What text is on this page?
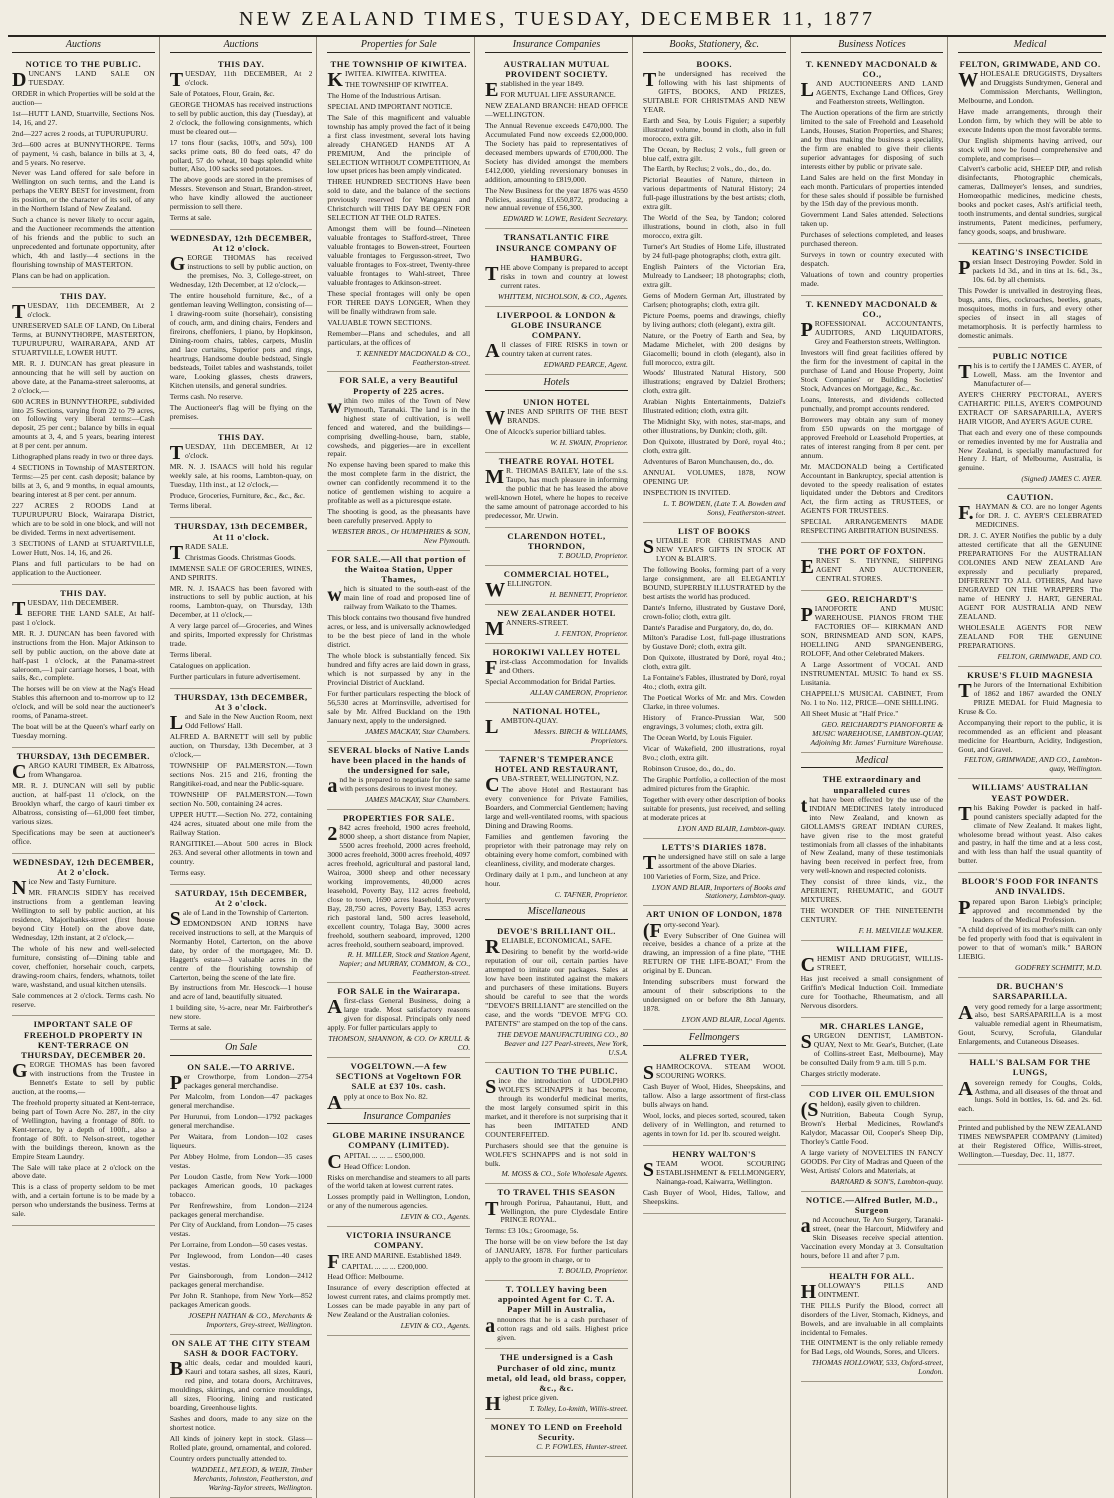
NEW ZEALAND TIMES, TUESDAY, DECEMBER 11, 1877
Auctions
NOTICE TO THE PUBLIC.

DUNCAN'S LAND SALE ON TUESDAY.

ORDER in which Properties will be sold at the auction—

1st—HUTT LAND, Stuartville, Sections Nos. 14, 16, and 27.

2nd—227 acres 2 roods, at TUPURUPURU.

3rd—600 acres at BUNNYTHORPE. Terms of payment, ¼ cash, balance in bills at 3, 4, and 5 years. No reserve.

Never was Land offered for sale before in Wellington on such terms, and the Land is perhaps the VERY BEST for investment, from its position, or the character of its soil, of any in the Northern Island of New Zealand.

Such a chance is never likely to occur again, and the Auctioneer recommends the attention of his friends and the public to such an unprecedented and fortunate opportunity, after which, 4th and lastly—4 sections in the flourishing township of MASTERTON.

Plans can be had on application.

THIS DAY.

TUESDAY, 11th DECEMBER, At 2 o'clock.

UNRESERVED SALE OF LAND, On Liberal Terms, at BUNNYTHORPE, MASTERTON, TUPURUPURU, WAIRARAPA, AND AT STUARTVILLE, LOWER HUTT.

MR. R. J. DUNCAN has great pleasure in announcing that he will sell by auction on above date, at the Panama-street salerooms, at 2 o'clock,—

600 ACRES in BUNNYTHORPE, subdivided into 25 Sections, varying from 22 to 79 acres, on following very liberal terms:—Cash deposit, 25 per cent.; balance by bills in equal amounts at 3, 4, and 5 years, bearing interest at 8 per cent. per annum.

Lithographed plans ready in two or three days.

4 SECTIONS in Township of MASTERTON. Terms:—25 per cent. cash deposit; balance by bills at 3, 6, and 9 months, in equal amounts, bearing interest at 8 per cent. per annum.

227 ACRES 2 ROODS Land at TUPURUPURU Block, Wairarapa District, which are to be sold in one block, and will not be divided. Terms in next advertisement.

3 SECTIONS of LAND at STUARTVILLE, Lower Hutt, Nos. 14, 16, and 26.

Plans and full particulars to be had on application to the Auctioneer.

THIS DAY.

TUESDAY, 11th DECEMBER.

BEFORE THE LAND SALE, At half-past 1 o'clock.

MR. R. J. DUNCAN has been favored with instructions from the Hon. Major Atkinson to sell by public auction, on the above date at half-past 1 o'clock, at the Panama-street saleroom,—1 pair carriage horses, 1 boat, with sails, &c., complete.

The horses will be on view at the Nag's Head Stables this afternoon and to-morrow up to 12 o'clock, and will be sold near the auctioneer's rooms, of Panama-street.

The boat will be at the Queen's wharf early on Tuesday morning.

THURSDAY, 13th DECEMBER.

CARGO KAURI TIMBER, Ex Albatross, from Whangaroa.

MR. R. J. DUNCAN will sell by public auction, at half-past 11 o'clock, on the Brooklyn wharf, the cargo of kauri timber ex Albatross, consisting of—61,000 feet timber, various sizes.

Specifications may be seen at auctioneer's office.

WEDNESDAY, 12th DECEMBER, At 2 o'clock.

Nice New and Tasty Furniture.

MR. FRANCIS SIDEY has received instructions from a gentleman leaving Wellington to sell by public auction, at his residence, Majoribanks-street (first house beyond City Hotel) on the above date, Wednesday, 12th instant, at 2 o'clock,—

The whole of his new and well-selected furniture, consisting of—Dining table and cover, cheffonier, horsehair couch, carpets, drawing-room chairs, fenders, whatnots, toilet ware, washstand, and usual kitchen utensils.

Sale commences at 2 o'clock. Terms cash. No reserve.

IMPORTANT SALE OF FREEHOLD PROPERTY IN KENT-TERRACE ON THURSDAY, DECEMBER 20.

GEORGE THOMAS has been favored with instructions from the Trustee in Bennett's Estate to sell by public auction, at the rooms,—

The freehold property situated at Kent-terrace, being part of Town Acre No. 287, in the city of Wellington, having a frontage of 80ft. to Kent-terrace, by a depth of 100ft., also a frontage of 80ft. to Nelson-street, together with the buildings thereon, known as the Empire Steam Laundry.

The Sale will take place at 2 o'clock on the above date.

This is a class of property seldom to be met with, and a certain fortune is to be made by a person who understands the business. Terms at sale.

Auctions
THIS DAY.

TUESDAY, 11th DECEMBER, At 2 o'clock.

Sale of Potatoes, Flour, Grain, &c.

GEORGE THOMAS has received instructions to sell by public auction, this day (Tuesday), at 2 o'clock, the following consignments, which must be cleared out—

17 tons flour (sacks, 100's, and 50's), 100 sacks prime oats, 80 do feed oats, 47 do pollard, 57 do wheat, 10 bags splendid white butter, Also, 100 sacks seed potatoes.

The above goods are stored in the premises of Messrs. Stevenson and Stuart, Brandon-street, who have kindly allowed the auctioneer permission to sell there.

Terms at sale.

WEDNESDAY, 12th DECEMBER, At 12 o'clock.

GEORGE THOMAS has received instructions to sell by public auction, on the premises, No. 3, College-street, on Wednesday, 12th December, at 12 o'clock,—

The entire household furniture, &c., of a gentleman leaving Wellington, consisting of—1 drawing-room suite (horsehair), consisting of couch, arm, and dining chairs, Fenders and fireirons, cheffoniers, 1 piano, by Hopkinson, Dining-room chairs, tables, carpets, Muslin and lace curtains, Superior pots and rings, heartrugs, Handsome double bedstead, Single bedsteads, Toilet tables and washstands, toilet ware, Looking glasses, chests drawers, Kitchen utensils, and general sundries.

Terms cash. No reserve.

The Auctioneer's flag will be flying on the premises.

THIS DAY.

TUESDAY, 11th DECEMBER, At 12 o'clock.

MR. N. J. ISAACS will hold his regular weekly sale, at his rooms, Lambton-quay, on Tuesday, 11th inst., at 12 o'clock,—

Produce, Groceries, Furniture, &c., &c., &c.

Terms liberal.

THURSDAY, 13th DECEMBER, At 11 o'clock.

TRADE SALE.

Christmas Goods. Christmas Goods.

IMMENSE SALE OF GROCERIES, WINES, AND SPIRITS.

MR. N. J. ISAACS has been favored with instructions to sell by public auction, at his rooms, Lambton-quay, on Thursday, 13th December, at 11 o'clock,—

A very large parcel of—Groceries, and Wines and spirits, Imported expressly for Christmas trade.

Terms liberal.

Catalogues on application.

Further particulars in future advertisement.

THURSDAY, 13th DECEMBER, At 3 o'clock.

Land Sale in the New Auction Room, next Odd Fellows' Hall.

ALFRED A. BARNETT will sell by public auction, on Thursday, 13th December, at 3 o'clock,—

TOWNSHIP OF PALMERSTON.—Town sections Nos. 215 and 216, fronting the Rangitikei-road, and near the Public-square.

TOWNSHIP OF PALMERSTON.—Town section No. 500, containing 24 acres.

UPPER HUTT.—Section No. 272, containing 424 acres, situated about one mile from the Railway Station.

RANGITIKEI.—About 500 acres in Block 263. And several other allotments in town and country.

Terms easy.

SATURDAY, 15th DECEMBER, At 2 o'clock.

Sale of Land in the Township of Carterton.

EDMONDSON AND IORNS have received instructions to sell, at the Marquis of Normanby Hotel, Carterton, on the above date, by order of the mortgagee, Mr. D. Haggett's estate—3 valuable acres in the centre of the flourishing township of Carterton, being the scene of the late fire.

By instructions from Mr. Hescock—1 house and acre of land, beautifully situated.

1 building site, ½-acre, near Mr. Fairbrother's new store.

Terms at sale.

On Sale
ON SALE.—TO ARRIVE.

Per Crowthorpe, from London—2754 packages general merchandise.

Per Malcolm, from London—47 packages general merchandise.

Per Hurunui, from London—1792 packages general merchandise.

Per Waitara, from London—102 cases liqueurs.

Per Abbey Holme, from London—35 cases vestas.

Per Loudon Castle, from New York—1000 packages American goods, 10 packages tobacco.

Per Renfrewshire, from London—2124 packages general merchandise.

Per City of Auckland, from London—75 cases vestas.

Per Lorraine, from London—50 cases vestas.

Per Inglewood, from London—40 cases vestas.

Per Gainsborough, from London—2412 packages general merchandise.

Per John R. Stanhope, from New York—852 packages American goods.

JOSEPH NATHAN & CO., Merchants & Importers, Grey-street, Wellington.
ON SALE AT THE CITY STEAM SASH & DOOR FACTORY.

Baltic deals, cedar and moulded kauri, Kauri and totara sashes, all sizes, Kauri, red pine, and totara doors, Architraves, mouldings, skirtings, and cornice mouldings, all sizes, Flooring, lining and rusticated boarding, Greenhouse lights.

Sashes and doors, made to any size on the shortest notice.

All kinds of joinery kept in stock. Glass—Rolled plate, ground, ornamental, and colored.

Country orders punctually attended to.

WADDELL, M'LEOD, & WEIR, Timber Merchants, Johnston, Featherston, and Waring-Taylor streets, Wellington.
Properties for Sale
THE TOWNSHIP OF KIWITEA.

KIWITEA. KIWITEA. KIWITEA.

THE TOWNSHIP OF KIWITEA.

The Home of the Industrious Artisan.

SPECIAL AND IMPORTANT NOTICE.

The Sale of this magnificent and valuable township has amply proved the fact of it being a first class investment, several lots having already CHANGED HANDS AT A PREMIUM, And the principle of SELECTION WITHOUT COMPETITION, At low upset prices has been amply vindicated.

THREE HUNDRED SECTIONS Have been sold to date, and the balance of the sections previously reserved for Wanganui and Christchurch will THIS DAY BE OPEN FOR SELECTION AT THE OLD RATES.

Amongst them will be found—Nineteen valuable frontages to Stafford-street, Three valuable frontages to Bowen-street, Fourteen valuable frontages to Fergusson-street, Two valuable frontages to Fox-street, Twenty-three valuable frontages to Wahl-street, Three valuable frontages to Atkinson-street.

These special frontages will only be open FOR THREE DAYS LONGER, When they will be finally withdrawn from sale.

VALUABLE TOWN SECTIONS.

Remember—Plans and schedules, and all particulars, at the offices of

T. KENNEDY MACDONALD & CO., Featherston-street.
FOR SALE, a very Beautiful Property of 225 acres.

within two miles of the Town of New Plymouth, Taranaki. The land is in the highest state of cultivation, is well fenced and watered, and the buildings—comprising dwelling-house, barn, stable, cowsheds, and piggeries—are in excellent repair.

No expense having been spared to make this the most complete farm in the district, the owner can confidently recommend it to the notice of gentlemen wishing to acquire a profitable as well as a picturesque estate.

The shooting is good, as the pheasants have been carefully preserved. Apply to

WEBSTER BROS., Or HUMPHRIES & SON, New Plymouth.
FOR SALE.—All that portion of the Waitoa Station, Upper Thames,

which is situated to the south-east of the main line of road and proposed line of railway from Waikato to the Thames.

This block contains two thousand five hundred acres, or less, and is universally acknowledged to be the best piece of land in the whole district.

The whole block is substantially fenced. Six hundred and fifty acres are laid down in grass, which is not surpassed by any in the Provincial District of Auckland.

For further particulars respecting the block of 56,530 acres at Morrinsville, advertised for sale by Mr. Alfred Buckland on the 19th January next, apply to the undersigned.

JAMES MACKAY, Star Chambers.
SEVERAL blocks of Native Lands have been placed in the hands of the undersigned for sale,

and he is prepared to negotiate for the same with persons desirous to invest money.

JAMES MACKAY, Star Chambers.
PROPERTIES FOR SALE.

2842 acres freehold, 1900 acres freehold, 8000 sheep, a short distance from Napier, 5500 acres freehold, 2000 acres freehold, 3000 acres freehold, 3000 acres freehold, 4097 acres freehold, agricultural and pastoral land, Wairoa, 3000 sheep and other necessary working improvements, 40,000 acres leasehold, Poverty Bay, 112 acres freehold, close to town, 1690 acres leasehold, Poverty Bay, 28,750 acres, Poverty Bay, 1353 acres rich pastoral land, 500 acres leasehold, excellent country, Tolaga Bay, 3000 acres freehold, southern seaboard, improved, 1200 acres freehold, southern seaboard, improved.

R. H. MILLER, Stock and Station Agent, Napier; and MURRAY, COMMON, & CO., Featherston-street.
FOR SALE in the Wairarapa.

Afirst-class General Business, doing a large trade. Most satisfactory reasons given for disposal. Principals only need apply. For fuller particulars apply to

THOMSON, SHANNON, & CO. Or KRULL & CO.
VOGELTOWN.—A few SECTIONS at Vogeltown FOR SALE at £37 10s. cash.

Apply at once to Box No. 82.

Insurance Companies
GLOBE MARINE INSURANCE COMPANY (LIMITED).

CAPITAL ... ... ... £500,000.

Head Office: London.

Risks on merchandise and steamers to all parts of the world taken at lowest current rates.

Losses promptly paid in Wellington, London, or any of the numerous agencies.

LEVIN & CO., Agents.
VICTORIA INSURANCE COMPANY.

FIRE AND MARINE. Established 1849.

CAPITAL ... ... ... £200,000.

Head Office: Melbourne.

Insurance of every description effected at lowest current rates, and claims promptly met. Losses can be made payable in any part of New Zealand or the Australian colonies.

LEVIN & CO., Agents.
Insurance Companies
AUSTRALIAN MUTUAL PROVIDENT SOCIETY.

Established in the year 1849.

FOR MUTUAL LIFE ASSURANCE.

NEW ZEALAND BRANCH: HEAD OFFICE—WELLINGTON.

The Annual Revenue exceeds £470,000. The Accumulated Fund now exceeds £2,000,000. The Society has paid to representatives of deceased members upwards of £700,000. The Society has divided amongst the members £412,000, yielding reversionary bonuses in addition, amounting to £819,000.

The New Business for the year 1876 was 4550 Policies, assuring £1,650,872, producing a new annual revenue of £56,300.

EDWARD W. LOWE, Resident Secretary.
TRANSATLANTIC FIRE INSURANCE COMPANY OF HAMBURG.

THE above Company is prepared to accept risks in town and country at lowest current rates.

WHITTEM, NICHOLSON, & CO., Agents.
LIVERPOOL & LONDON & GLOBE INSURANCE COMPANY.

All classes of FIRE RISKS in town or country taken at current rates.

EDWARD PEARCE, Agent.
Hotels
UNION HOTEL

WINES AND SPIRITS OF THE BEST BRANDS.

One of Alcock's superior billiard tables.

W. H. SWAIN, Proprietor.
THEATRE ROYAL HOTEL

MR. THOMAS BAILEY, late of the s.s. Taupo, has much pleasure in informing the public that he has leased the above well-known Hotel, where he hopes to receive the same amount of patronage accorded to his predecessor, Mr. Urwin.

CLARENDON HOTEL, THORNDON,
T. BOULD, Proprietor.
COMMERCIAL HOTEL,

WELLINGTON.

H. BENNETT, Proprietor.
NEW ZEALANDER HOTEL

MANNERS-STREET.

J. FENTON, Proprietor.
HOROKIWI VALLEY HOTEL

First-class Accommodation for Invalids and Others.

Special Accommodation for Bridal Parties.

ALLAN CAMERON, Proprietor.
NATIONAL HOTEL,

LAMBTON-QUAY.

Messrs. BIRCH & WILLIAMS, Proprietors.
TAFNER'S TEMPERANCE HOTEL AND RESTAURANT,

CUBA-STREET, WELLINGTON, N.Z.

The above Hotel and Restaurant has every convenience for Private Families, Boarders, and Commercial Gentlemen; having large and well-ventilated rooms, with spacious Dining and Drawing Rooms.

Families and gentlemen favoring the proprietor with their patronage may rely on obtaining every home comfort, combined with cleanliness, civility, and moderate charges.

Ordinary daily at 1 p.m., and luncheon at any hour.

C. TAFNER, Proprietor.
Miscellaneous
DEVOE'S BRILLIANT OIL.

RELIABLE, ECONOMICAL, SAFE.

Desiring to benefit by the world-wide reputation of our oil, certain parties have attempted to imitate our packages. Sales at low have been instituted against the makers and purchasers of these imitations. Buyers should be careful to see that the words "DEVOE'S BRILLIANT" are stencilled on the case, and the words "DEVOE M'F'G CO. PATENTS" are stamped on the top of the cans.

THE DEVOE MANUFACTURING CO., 80 Beaver and 127 Pearl-streets, New York, U.S.A.
CAUTION TO THE PUBLIC.

Since the introduction of UDOLPHO WOLFE'S SCHNAPPS it has become, through its wonderful medicinal merits, the most largely consumed spirit in this market, and it therefore is not surprising that it has been IMITATED AND COUNTERFEITED.

Purchasers should see that the genuine is WOLFE'S SCHNAPPS and is not sold in bulk.

M. MOSS & CO., Sole Wholesale Agents.
TO TRAVEL THIS SEASON

Through Porirua, Pahautanui, Hutt, and Wellington, the pure Clydesdale Entire PRINCE ROYAL.

Terms: £3 10s.; Groomage, 5s.

The horse will be on view before the 1st day of JANUARY, 1878. For further particulars apply to the groom in charge, or to

T. BOULD, Proprietor.
T. TOLLEY having been appointed Agent for C. T. A. Paper Mill in Australia,

announces that he is a cash purchaser of cotton rags and old sails. Highest price given.

THE undersigned is a Cash Purchaser of old zinc, muntz metal, old lead, old brass, copper, &c., &c.

Highest price given.

T. Tolley, Lo-kmith, Willis-street.
MONEY TO LEND on Freehold Security.
C. P. FOWLES, Hunter-street.
Books, Stationery, &c.
BOOKS.

The undersigned has received the following with his last shipments of GIFTS, BOOKS, AND PRIZES, SUITABLE FOR CHRISTMAS AND NEW YEAR.

Earth and Sea, by Louis Figuier; a superbly illustrated volume, bound in cloth, also in full morocco, extra gilt.

The Ocean, by Reclus; 2 vols., full green or blue calf, extra gilt.

The Earth, by Reclus; 2 vols., do., do., do.

Pictorial Beauties of Nature, thirteen in various departments of Natural History; 24 full-page illustrations by the best artists; cloth, extra gilt.

The World of the Sea, by Tandon; colored illustrations, bound in cloth, also in full morocco, extra gilt.

Turner's Art Studies of Home Life, illustrated by 24 full-page photographs; cloth, extra gilt.

English Painters of the Victorian Era, Mulready to Landseer; 18 photographs; cloth, extra gilt.

Gems of Modern German Art, illustrated by Carlsen; photographs; cloth, extra gilt.

Picture Poems, poems and drawings, chiefly by living authors; cloth (elegant), extra gilt.

Nature, or the Poetry of Earth and Sea, by Madame Michelet, with 200 designs by Giacomelli; bound in cloth (elegant), also in full morocco, extra gilt.

Woods' Illustrated Natural History, 500 illustrations; engraved by Dalziel Brothers; cloth, extra gilt.

Arabian Nights Entertainments, Dalziel's Illustrated edition; cloth, extra gilt.

The Midnight Sky, with notes, star-maps, and other illustrations, by Dunkin; cloth, gilt.

Don Quixote, illustrated by Doré, royal 4to.; cloth, extra gilt.

Adventures of Baron Munchausen, do., do.

ANNUAL VOLUMES, 1878, NOW OPENING UP.

INSPECTION IS INVITED.

L. T. BOWDEN, (Late T. A. Bowden and Sons), Featherston-street.
LIST OF BOOKS

SUITABLE FOR CHRISTMAS AND NEW YEAR'S GIFTS IN STOCK AT LYON & BLAIR'S.

The following Books, forming part of a very large consignment, are all ELEGANTLY BOUND, SUPERBLY ILLUSTRATED by the best artists the world has produced.

Dante's Inferno, illustrated by Gustave Doré, crown-folio; cloth, extra gilt.

Dante's Paradise and Purgatory, do, do, do.

Milton's Paradise Lost, full-page illustrations by Gustave Doré; cloth, extra gilt.

Don Quixote, illustrated by Doré, royal 4to.; cloth, extra gilt.

La Fontaine's Fables, illustrated by Doré, royal 4to.; cloth, extra gilt.

The Poetical Works of Mr. and Mrs. Cowden Clarke, in three volumes.

History of France-Prussian War, 500 engravings, 3 volumes; cloth, extra gilt.

The Ocean World, by Louis Figuier.

Vicar of Wakefield, 200 illustrations, royal 8vo.; cloth, extra gilt.

Robinson Crusoe, do., do., do.

The Graphic Portfolio, a collection of the most admired pictures from the Graphic.

Together with every other description of books suitable for presents, just received, and selling at moderate prices at

LYON AND BLAIR, Lambton-quay.
LETTS'S DIARIES 1878.

The undersigned have still on sale a large assortment of the above Diaries.

100 Varieties of Form, Size, and Price.

LYON AND BLAIR, Importers of Books and Stationery, Lambton-quay.
ART UNION OF LONDON, 1878

(Forty-second Year).

Every Subscriber of One Guinea will receive, besides a chance of a prize at the drawing, an impression of a fine plate, "THE RETURN OF THE LIFE-BOAT," From the original by E. Duncan.

Intending subscribers must forward the amount of their subscriptions to the undersigned on or before the 8th January, 1878.

LYON AND BLAIR, Local Agents.
Fellmongers
ALFRED TYER,

SHAMROCKOVA. STEAM WOOL SCOURING WORKS.

Cash Buyer of Wool, Hides, Sheepskins, and tallow. Also a large assortment of first-class bulls always on hand.

Wool, locks, and pieces sorted, scoured, taken delivery of in Wellington, and returned to agents in town for 1d. per lb. scoured weight.

HENRY WALTON'S

STEAM WOOL SCOURING ESTABLISHMENT & FELLMONGERY, Nainanga-road, Kaiwarra, Wellington.

Cash Buyer of Wool, Hides, Tallow, and Sheepskins.

Business Notices
T. KENNEDY MACDONALD & CO.,

LAND AUCTIONEERS AND LAND AGENTS, Exchange Land Offices, Grey and Featherston streets, Wellington.

The Auction operations of the firm are strictly limited to the sale of Freehold and Leasehold Lands, Houses, Station Properties, and Shares; and by thus making the business a speciality, the firm are enabled to give their clients superior advantages for disposing of such interests either by public or private sale.

Land Sales are held on the first Monday in each month. Particulars of properties intended for these sales should if possible be furnished by the 15th day of the previous month.

Government Land Sales attended. Selections taken up.

Purchases of selections completed, and leases purchased thereon.

Surveys in town or country executed with despatch.

Valuations of town and country properties made.

T. KENNEDY MACDONALD & CO.,

PROFESSIONAL ACCOUNTANTS, AUDITORS, AND LIQUIDATORS, Grey and Featherston streets, Wellington.

Investors will find great facilities offered by the firm for the investment of capital in the purchase of Land and House Property, Joint Stock Companies' or Building Societies' Stock, Advances on Mortgage, &c., &c.

Loans, Interests, and dividends collected punctually, and prompt accounts rendered.

Borrowers may obtain any sum of money from £50 upwards on the mortgage of approved Freehold or Leasehold Properties, at rates of interest ranging from 8 per cent. per annum.

Mr. MACDONALD being a Certificated Accountant in Bankruptcy, special attention is devoted to the speedy realisation of estates liquidated under the Debtors and Creditors Act, the firm acting as TRUSTEES, or AGENTS FOR TRUSTEES.

SPECIAL ARRANGEMENTS MADE RESPECTING ARBITRATION BUSINESS.

THE PORT OF FOXTON.

ERNEST S. THYNNE, SHIPPING AGENT AND AUCTIONEER, CENTRAL STORES.

GEO. REICHARDT'S

PIANOFORTE AND MUSIC WAREHOUSE. PIANOS FROM THE FACTORIES OF— KIRKMAN AND SON, BRINSMEAD AND SON, KAPS, HOELLING AND SPANGENBERG, ROLOFF, And other Celebrated Makers.

A Large Assortment of VOCAL AND INSTRUMENTAL MUSIC To hand ex SS. Lusitania.

CHAPPELL'S MUSICAL CABINET, From No. 1 to No. 112, PRICE—ONE SHILLING.

All Sheet Music at "Half Price."

GEO. REICHARDT'S PIANOFORTE & MUSIC WAREHOUSE, LAMBTON-QUAY, Adjoining Mr. James' Furniture Warehouse.
Medical
THE extraordinary and unparalleled cures

that have been effected by the use of the INDIAN MEDICINES lately introduced into New Zealand, and known as GIOLLAMS'S GREAT INDIAN CURES, have given rise to the most grateful testimonials from all classes of the inhabitants of New Zealand, many of these testimonials having been received in perfect free, from very well-known and respected colonists.

They consist of three kinds, viz., the APERIENT, RHEUMATIC, and GOUT MIXTURES.

THE WONDER OF THE NINETEENTH CENTURY.

F. H. MELVILLE WALKER.
WILLIAM FIFE,

CHEMIST AND DRUGGIST, WILLIS-STREET,

Has just received a small consignment of Griffin's Medical Induction Coil. Immediate cure for Toothache, Rheumatism, and all Nervous disorders.

MR. CHARLES LANGE,

SURGEON DENTIST, LAMBTON-QUAY, Next to Mr. Gear's, Butcher, (Late of Collins-street East, Melbourne), May be consulted Daily from 9 a.m. till 5 p.m.

Charges strictly moderate.

COD LIVER OIL EMULSION

(Sheldon), easily given to children.

Nutrition, Babeuta Cough Syrup, Brown's Herbal Medicines, Rowland's Kalydor, Macassar Oil, Cooper's Sheep Dip, Thorley's Cattle Food.

A large variety of NOVELTIES IN FANCY GOODS. Per City of Madras and Queen of the West, Artists' Colors and Materials, at

BARNARD & SON'S, Lambton-quay.
NOTICE.—Alfred Butler, M.D., Surgeon

and Accoucheur, Te Aro Surgery, Taranaki-street, (near the Harcourt, Midwifery and Skin Diseases receive special attention. Vaccination every Monday at 3. Consultation hours, before 11 and after 7 p.m.

HEALTH FOR ALL.

HOLLOWAY'S PILLS AND OINTMENT.

THE PILLS Purify the Blood, correct all disorders of the Liver, Stomach, Kidneys, and Bowels, and are invaluable in all complaints incidental to Females.

THE OINTMENT is the only reliable remedy for Bad Legs, old Wounds, Sores, and Ulcers.

THOMAS HOLLOWAY, 533, Oxford-street, London.
Medical
FELTON, GRIMWADE, AND CO.

WHOLESALE DRUGGISTS, Drysalters and Druggists Sundrymen, General and Commission Merchants, Wellington, Melbourne, and London.

Have made arrangements, through their London firm, by which they will be able to execute Indents upon the most favorable terms.

Our English shipments having arrived, our stock will now be found comprehensive and complete, and comprises—

Calvert's carbolic acid, SHEEP DIP, and relish disinfectants, Photographic chemicals, cameras, Dallmeyer's lenses, and sundries, Homœopathic medicines, medicine chests, books and pocket cases, Ash's artificial teeth, tooth instruments, and dental sundries, surgical instruments, Patent medicines, perfumery, fancy goods, soaps, and brushware.

KEATING'S INSECTICIDE

Persian Insect Destroying Powder. Sold in packets 1d 3d., and in tins at 1s. 6d., 3s., 10s. 6d. by all chemists.

This Powder is unrivalled in destroying fleas, bugs, ants, flies, cockroaches, beetles, gnats, mosquitoes, moths in furs, and every other species of insect in all stages of metamorphosis. It is perfectly harmless to domestic animals.

PUBLIC NOTICE

This is to certify the I JAMES C. AYER, of Lowell, Mass. am the Inventor and Manufacturer of—

AYER'S CHERRY PECTORAL, AYER'S CATHARTIC PILLS, AYER'S COMPOUND EXTRACT OF SARSAPARILLA, AYER'S HAIR VIGOR, And AYER'S AGUE CURE.

That each and every one of these compounds or remedies invented by me for Australia and New Zealand, is specially manufactured for Henry J. Hart, of Melbourne, Australia, is genuine.

(Signed) JAMES C. AYER.
CAUTION.

F.HAYMAN & CO. are no longer Agents for DR. J. C. AYER'S CELEBRATED MEDICINES.

DR. J. C. AYER Notifies the public by a duly attested certificate that all the GENUINE PREPARATIONS For the AUSTRALIAN COLONIES AND NEW ZEALAND Are expressly and peculiarly prepared, DIFFERENT TO ALL OTHERS, And have ENGRAVED ON THE WRAPPERS The name of HENRY J. HART, GENERAL AGENT FOR AUSTRALIA AND NEW ZEALAND.

WHOLESALE AGENTS FOR NEW ZEALAND FOR THE GENUINE PREPARATIONS.

FELTON, GRIMWADE, AND CO.
KRUSE'S FLUID MAGNESIA

The Jurors of the International Exhibition of 1862 and 1867 awarded the ONLY PRIZE MEDAL for Fluid Magnesia to Kruse & Co.

Accompanying their report to the public, it is recommended as an efficient and pleasant medicine for Heartburn, Acidity, Indigestion, Gout, and Gravel.

FELTON, GRIMWADE, AND CO., Lambton-quay, Wellington.
WILLIAMS' AUSTRALIAN YEAST POWDER.

This Baking Powder is packed in half-pound canisters specially adapted for the climate of New Zealand. It makes light, wholesome bread without yeast. Also cakes and pastry, in half the time and at a less cost, and with less than half the usual quantity of butter.

BLOOR'S FOOD FOR INFANTS AND INVALIDS.

Prepared upon Baron Liebig's principle; approved and recommended by the leaders of the Medical Profession.

"A child deprived of its mother's milk can only be fed properly with food that is equivalent in power to that of woman's milk." BARON LIEBIG.

GODFREY SCHMITT, M.D.
DR. BUCHAN'S SARSAPARILLA.

Avery good remedy for a large assortment; also, best SARSAPARILLA is a most valuable remedial agent in Rheumatism, Gout, Scurvy, Scrofula, Glandular Enlargements, and Cutaneous Diseases.

HALL'S BALSAM FOR THE LUNGS,

Asovereign remedy for Coughs, Colds, Asthma, and all diseases of the throat and lungs. Sold in bottles, 1s. 6d. and 2s. 6d. each.

Printed and published by the NEW ZEALAND TIMES NEWSPAPER COMPANY (Limited) at their Registered Office, Willis-street, Wellington.—Tuesday, Dec. 11, 1877.
